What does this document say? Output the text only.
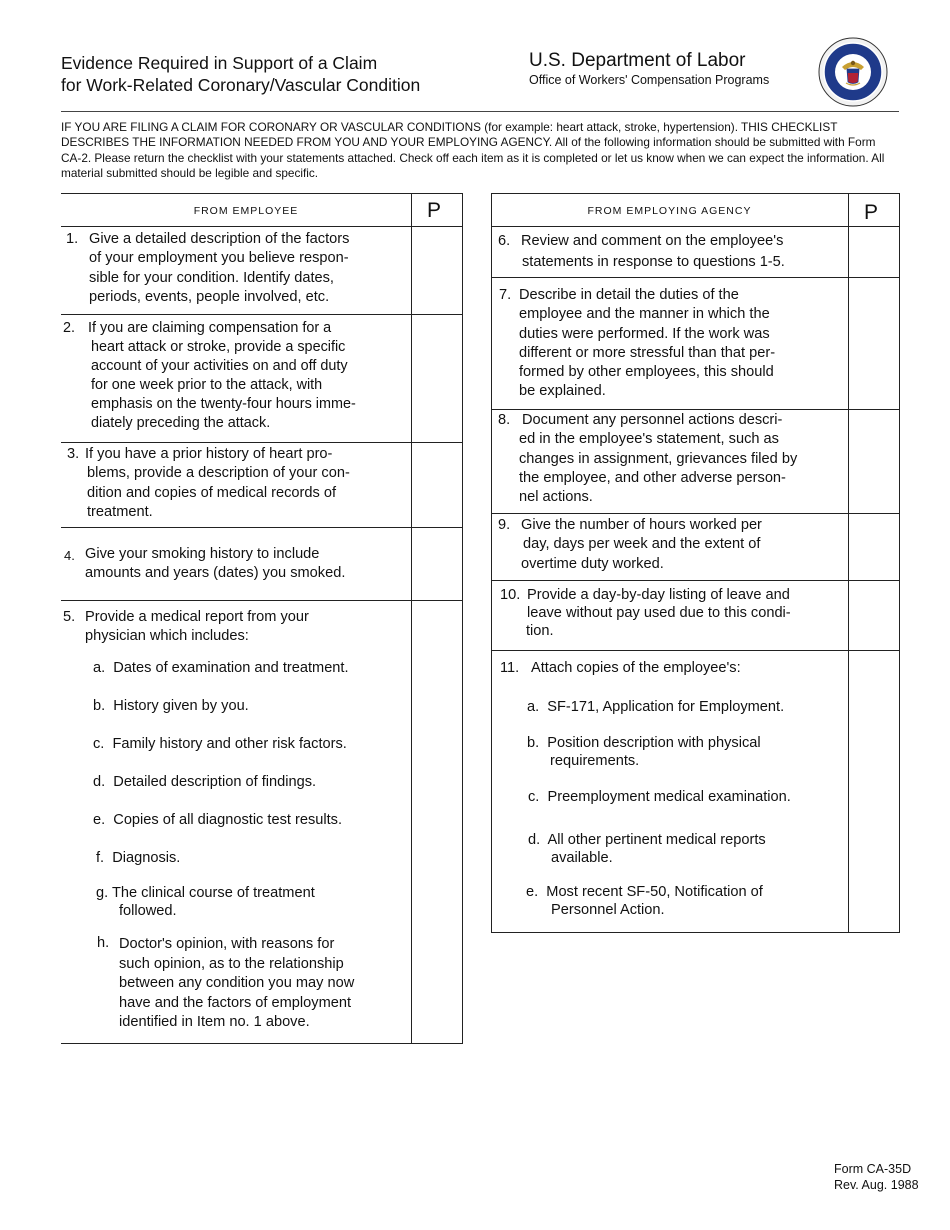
Evidence Required in Support of a Claim
for Work-Related Coronary/Vascular Condition
U.S. Department of Labor
Office of Workers' Compensation Programs
IF YOU ARE FILING A CLAIM FOR CORONARY OR VASCULAR CONDITIONS (for example: heart attack, stroke, hypertension). THIS CHECKLIST DESCRIBES THE INFORMATION NEEDED FROM YOU AND YOUR EMPLOYING AGENCY. All of the following information should be submitted with Form CA-2. Please return the checklist with your statements attached. Check off each item as it is completed or let us know when we can expect the information. All material submitted should be legible and specific.
FROM EMPLOYEE	P
1. Give a detailed description of the factors
of your employment you believe respon-
sible for your condition. Identify dates,
periods, events, people involved, etc.
2. If you are claiming compensation for a
heart attack or stroke, provide a specific
account of your activities on and off duty
for one week prior to the attack, with
emphasis on the twenty-four hours imme-
diately preceding the attack.
3. If you have a prior history of heart pro-
blems, provide a description of your con-
dition and copies of medical records of
treatment.
4. Give your smoking history to include
amounts and years (dates) you smoked.
5. Provide a medical report from your
physician which includes:
a. Dates of examination and treatment.
b. History given by you.
c. Family history and other risk factors.
d. Detailed description of findings.
e. Copies of all diagnostic test results.
f. Diagnosis.
g. The clinical course of treatment
followed.
h. Doctor's opinion, with reasons for
such opinion, as to the relationship
between any condition you may now
have and the factors of employment
identified in Item no. 1 above.
FROM EMPLOYING AGENCY	P
6. Review and comment on the employee's
statements in response to questions 1-5.
7. Describe in detail the duties of the
employee and the manner in which the
duties were performed. If the work was
different or more stressful than that per-
formed by other employees, this should
be explained.
8. Document any personnel actions descri-
ed in the employee's statement, such as
changes in assignment, grievances filed by
the employee, and other adverse person-
nel actions.
9. Give the number of hours worked per
day, days per week and the extent of
overtime duty worked.
10. Provide a day-by-day listing of leave and
leave without pay used due to this condi-
tion.
11. Attach copies of the employee's:
a. SF-171, Application for Employment.
b. Position description with physical
requirements.
c. Preemployment medical examination.
d. All other pertinent medical reports
available.
e. Most recent SF-50, Notification of
Personnel Action.
Form CA-35D
Rev. Aug. 1988
